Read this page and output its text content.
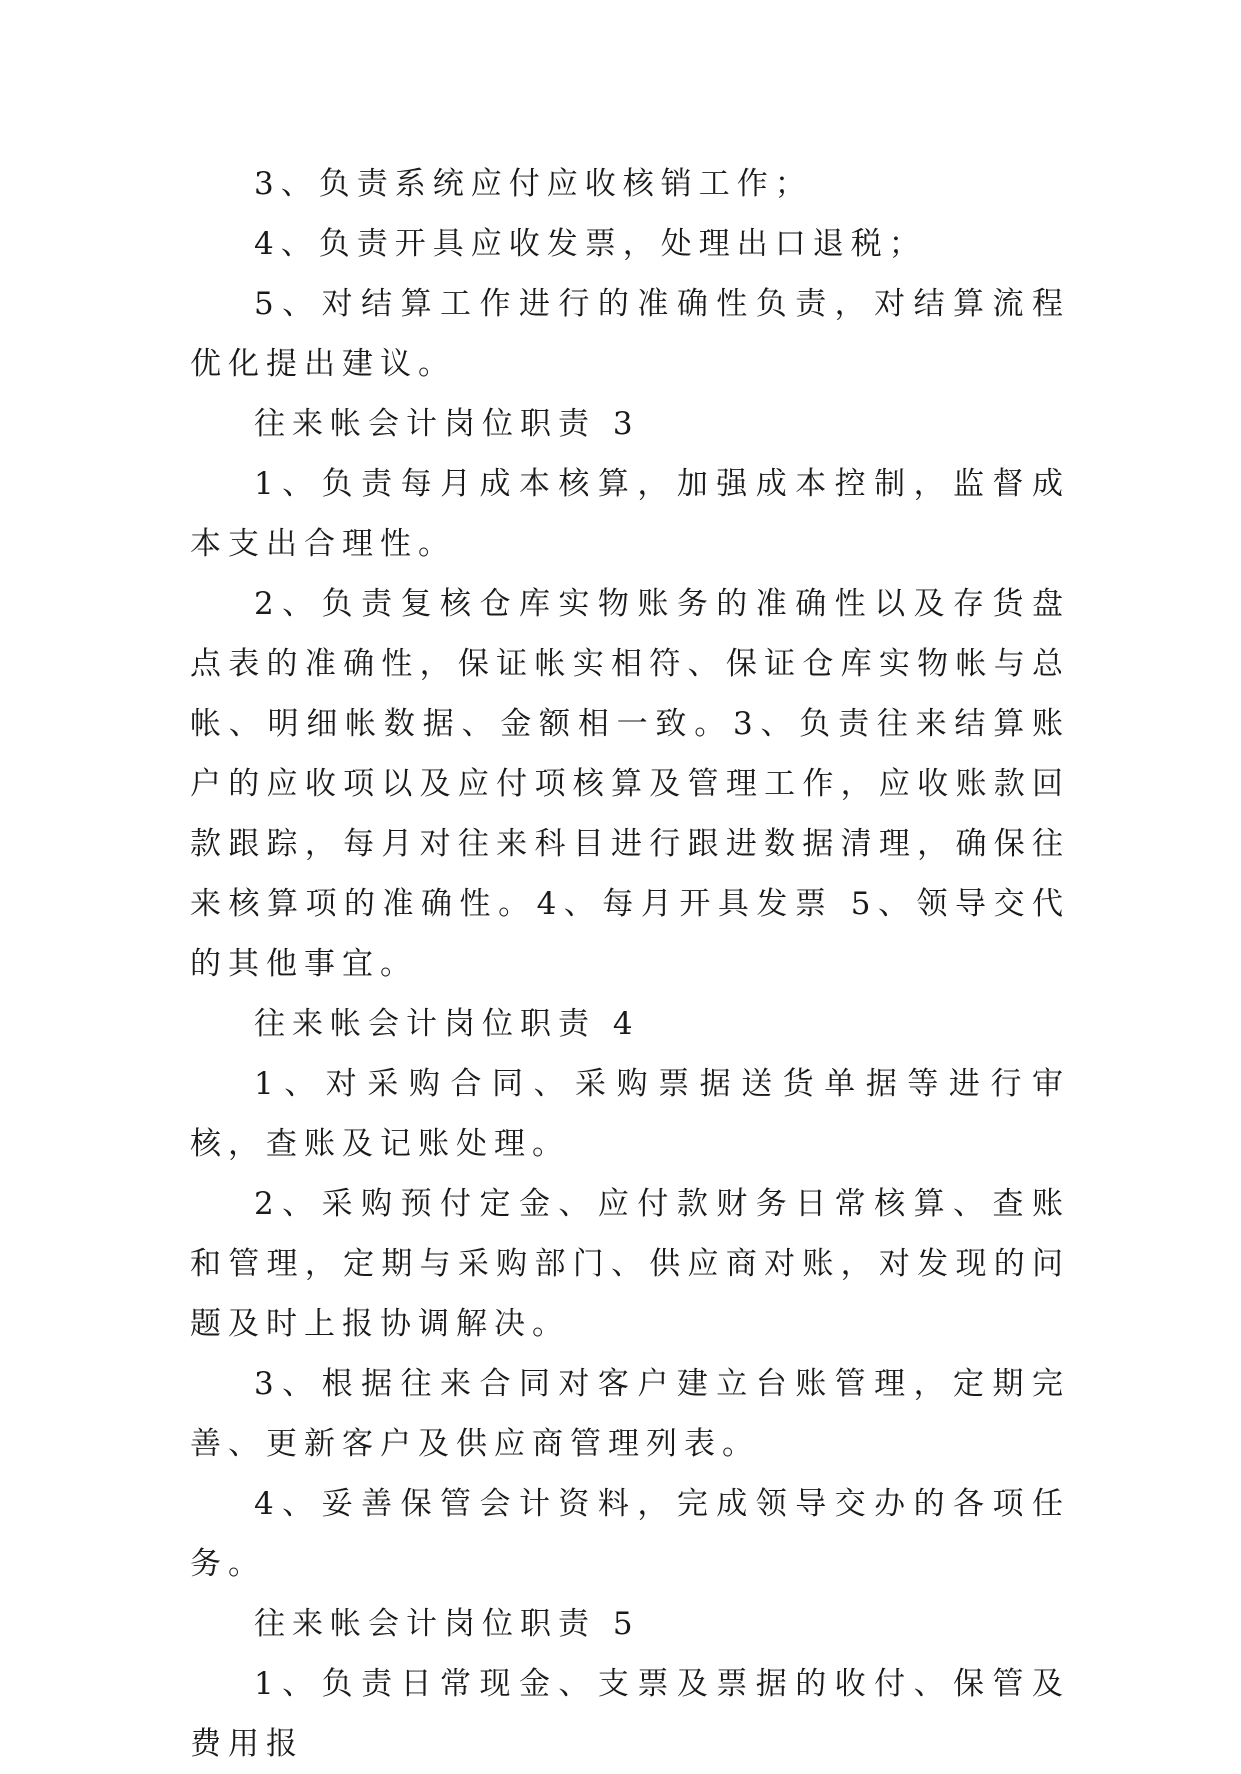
3、负责系统应付应收核销工作；

4、负责开具应收发票，处理出口退税；

5、对结算工作进行的准确性负责，对结算流程优化提出建议。

往来帐会计岗位职责 3

1、负责每月成本核算，加强成本控制，监督成本支出合理性。

2、负责复核仓库实物账务的准确性以及存货盘点表的准确性，保证帐实相符、保证仓库实物帐与总帐、明细帐数据、金额相一致。3、负责往来结算账户的应收项以及应付项核算及管理工作，应收账款回款跟踪，每月对往来科目进行跟进数据清理，确保往来核算项的准确性。4、每月开具发票 5、领导交代的其他事宜。

往来帐会计岗位职责 4

1、对采购合同、采购票据送货单据等进行审核，查账及记账处理。

2、采购预付定金、应付款财务日常核算、查账和管理，定期与采购部门、供应商对账，对发现的问题及时上报协调解决。

3、根据往来合同对客户建立台账管理，定期完善、更新客户及供应商管理列表。

4、妥善保管会计资料，完成领导交办的各项任务。

往来帐会计岗位职责 5

1、负责日常现金、支票及票据的收付、保管及费用报
